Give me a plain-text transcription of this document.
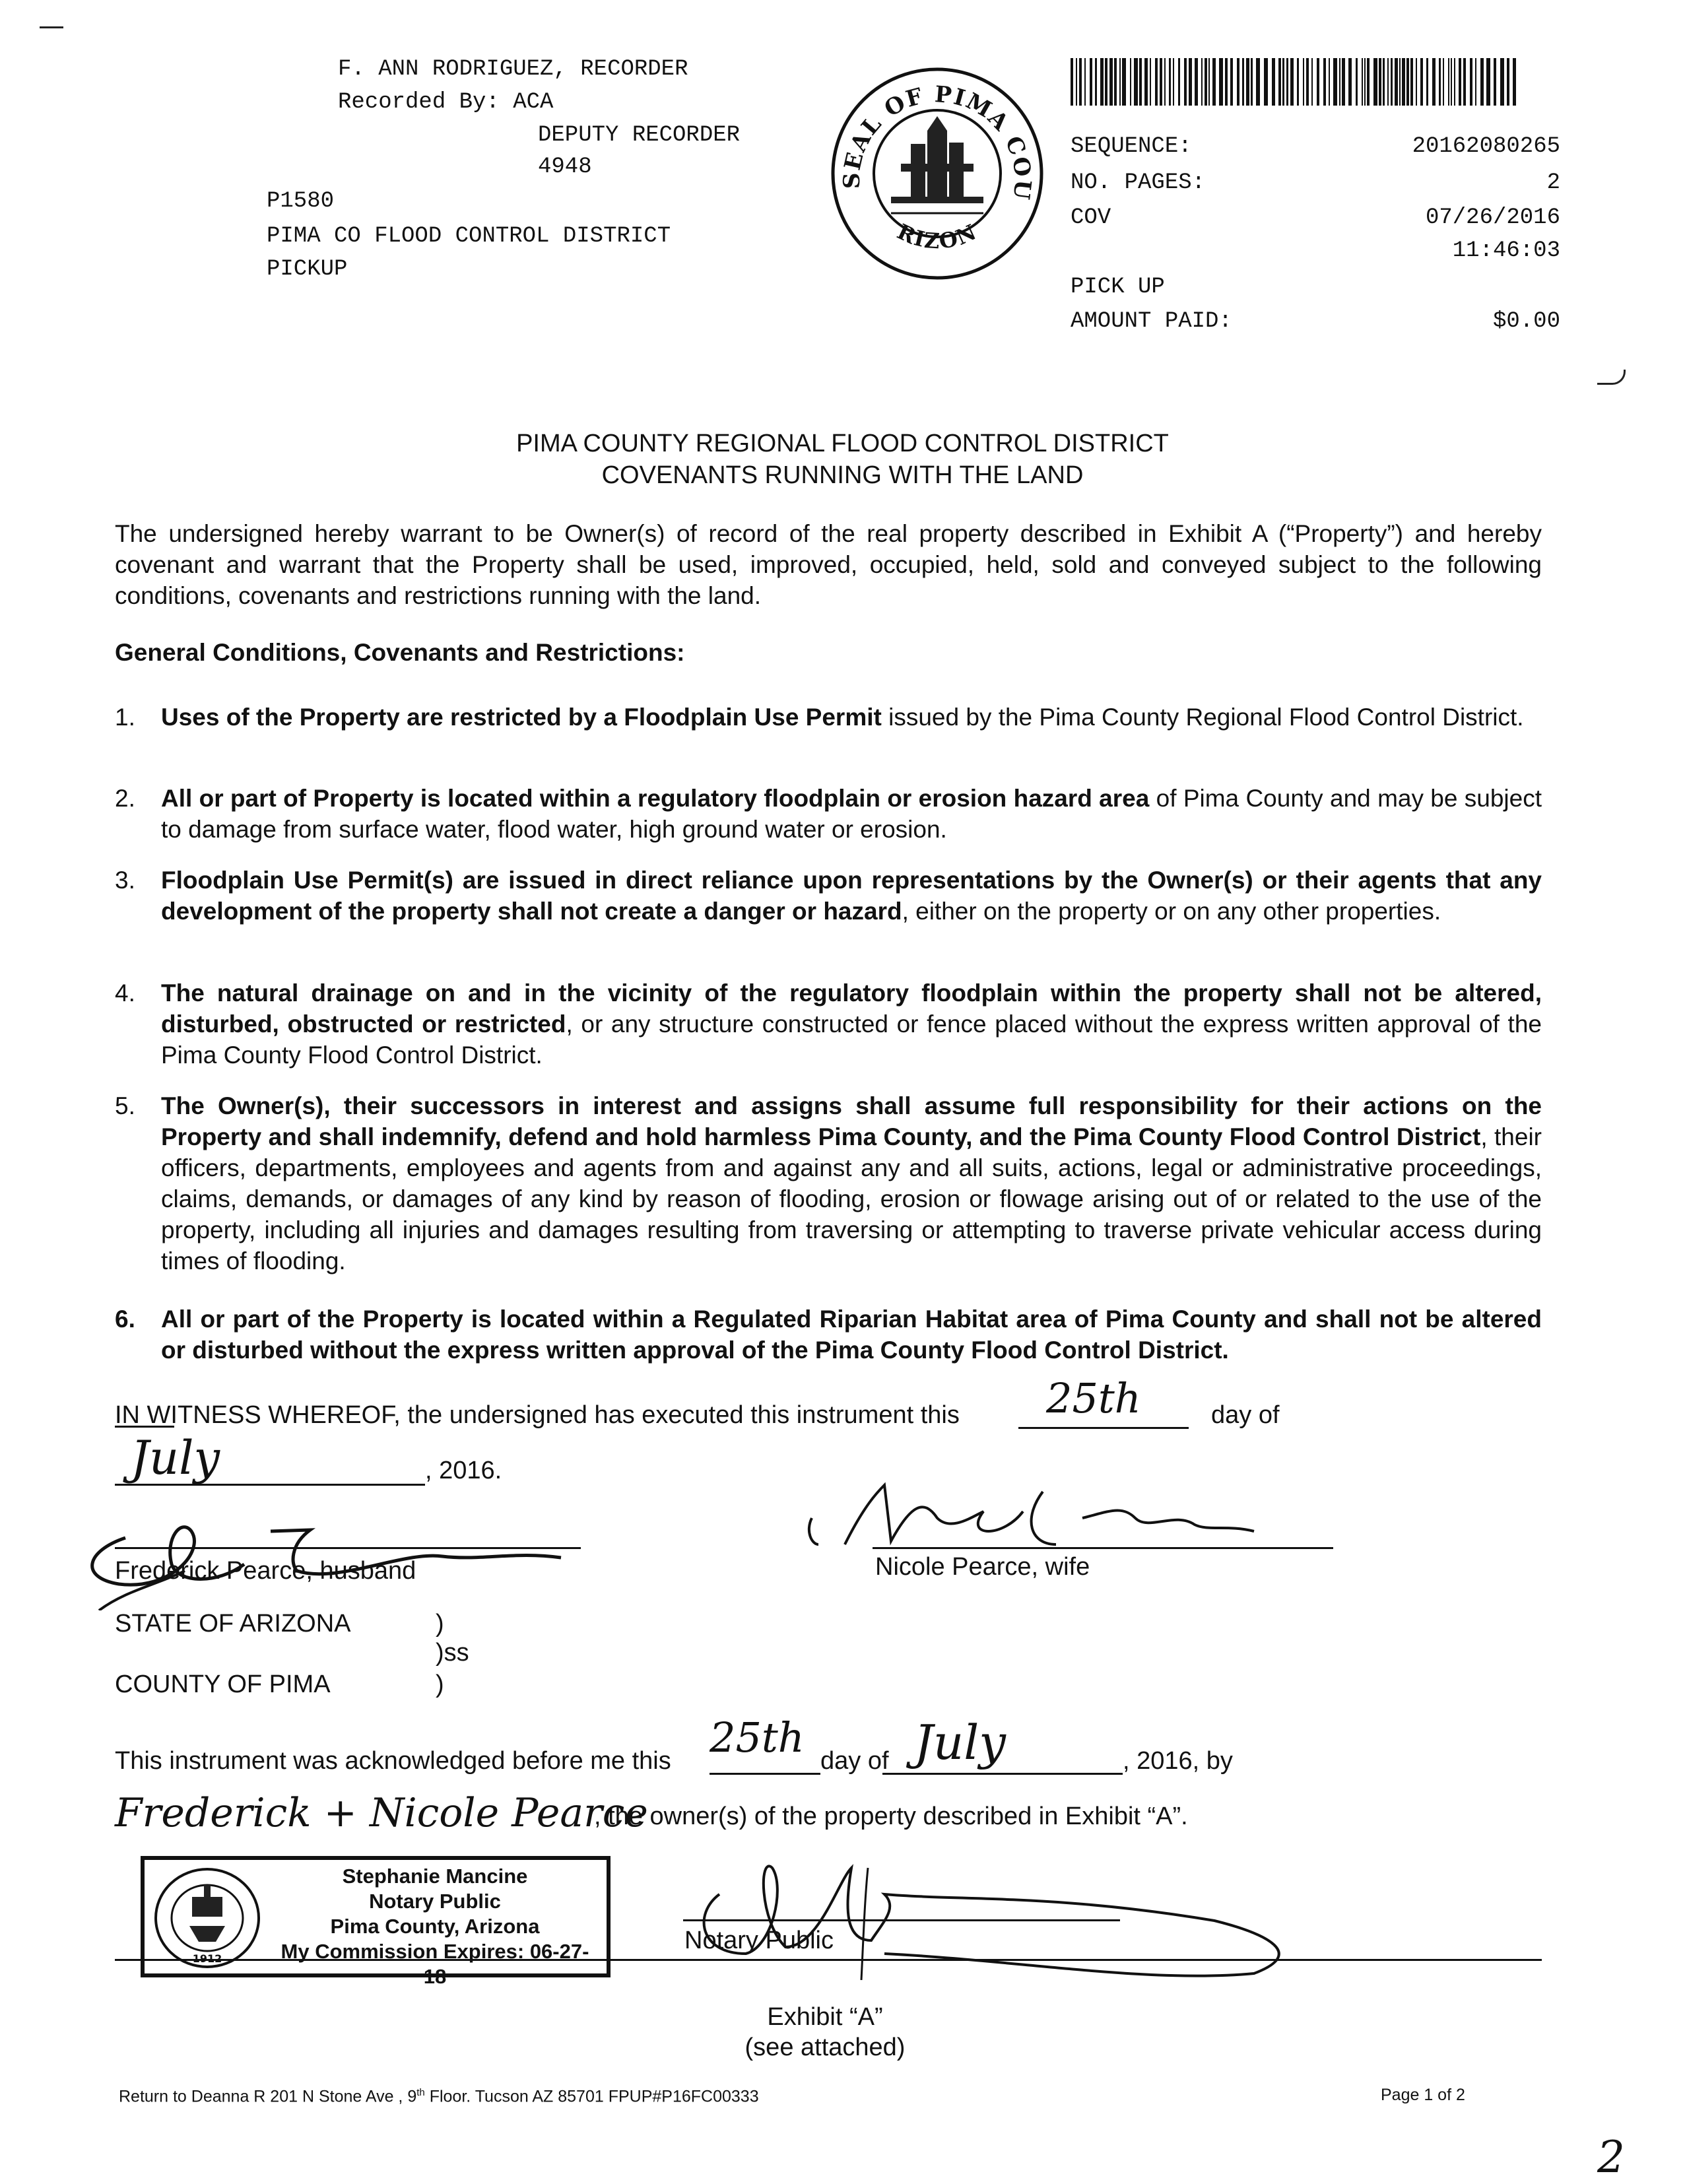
F. ANN RODRIGUEZ, RECORDER
Recorded By: ACA
DEPUTY RECORDER
4948
P1580
PIMA CO FLOOD CONTROL DISTRICT
PICKUP
SEAL OF PIMA COU
RIZON
SEQUENCE:	20162080265
NO. PAGES:	2
COV	07/26/2016
11:46:03
PICK UP
AMOUNT PAID:	$0.00
PIMA COUNTY REGIONAL FLOOD CONTROL DISTRICT
COVENANTS RUNNING WITH THE LAND
The undersigned hereby warrant to be Owner(s) of record of the real property described in Exhibit A (“Property”) and hereby covenant and warrant that the Property shall be used, improved, occupied, held, sold and conveyed subject to the following conditions, covenants and restrictions running with the land.
General Conditions, Covenants and Restrictions:
1.	Uses of the Property are restricted by a Floodplain Use Permit issued by the Pima County Regional Flood Control District.
2.	All or part of Property is located within a regulatory floodplain or erosion hazard area of Pima County and may be subject to damage from surface water, flood water, high ground water or erosion.
3.	Floodplain Use Permit(s) are issued in direct reliance upon representations by the Owner(s) or their agents that any development of the property shall not create a danger or hazard, either on the property or on any other properties.
4.	The natural drainage on and in the vicinity of the regulatory floodplain within the property shall not be altered, disturbed, obstructed or restricted, or any structure constructed or fence placed without the express written approval of the Pima County Flood Control District.
5.	The Owner(s), their successors in interest and assigns shall assume full responsibility for their actions on the Property and shall indemnify, defend and hold harmless Pima County, and the Pima County Flood Control District, their officers, departments, employees and agents from and against any and all suits, actions, legal or administrative proceedings, claims, demands, or damages of any kind by reason of flooding, erosion or flowage arising out of or related to the use of the property, including all injuries and damages resulting from traversing or attempting to traverse private vehicular access during times of flooding.
6.	All or part of the Property is located within a Regulated Riparian Habitat area of Pima County and shall not be altered or disturbed without the express written approval of the Pima County Flood Control District.
IN WITNESS WHEREOF, the undersigned has executed this instrument this 25th	day of
July	, 2016.
Frederick Pearce, husband	Nicole Pearce, wife
STATE OF ARIZONA	)
)ss
COUNTY OF PIMA	)
This instrument was acknowledged before me this 25th day of July	, 2016, by
Frederick + Nicole Pearce
, the owner(s) of the property described in Exhibit “A”.
1912
Stephanie Mancine
Notary Public
Pima County, Arizona
My Commission Expires: 06-27-18
Notary Public
Exhibit “A”
(see attached)
Return to Deanna R 201 N Stone Ave , 9th Floor. Tucson AZ 85701 FPUP#P16FC00333	Page 1 of 2
2
